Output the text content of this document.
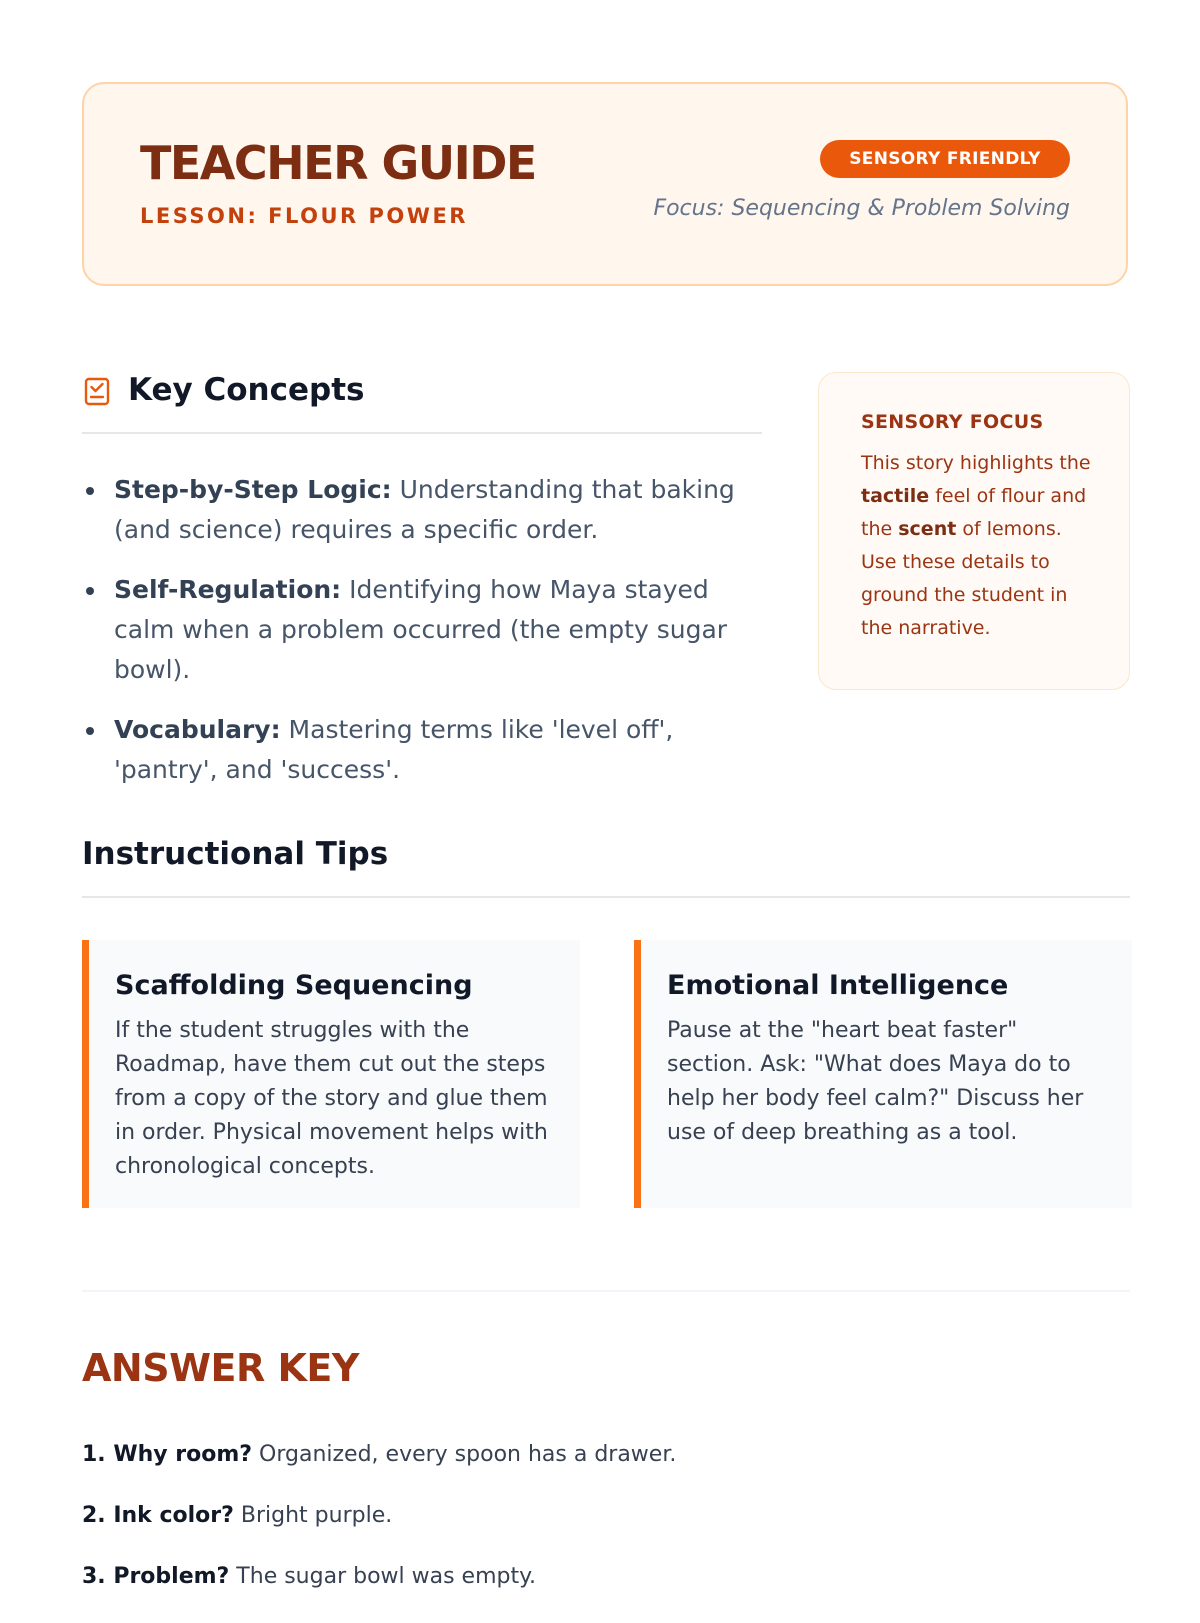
TEACHER GUIDE
LESSON: FLOUR POWER
SENSORY FRIENDLY
Focus: Sequencing & Problem Solving
Key Concepts
Step-by-Step Logic: Understanding that baking (and science) requires a specific order.
Self-Regulation: Identifying how Maya stayed calm when a problem occurred (the empty sugar bowl).
Vocabulary: Mastering terms like 'level off', 'pantry', and 'success'.
SENSORY FOCUS

This story highlights the tactile feel of flour and the scent of lemons. Use these details to ground the student in the narrative.

Instructional Tips
Scaffolding Sequencing

If the student struggles with the Roadmap, have them cut out the steps from a copy of the story and glue them in order. Physical movement helps with chronological concepts.

Emotional Intelligence

Pause at the "heart beat faster" section. Ask: "What does Maya do to help her body feel calm?" Discuss her use of deep breathing as a tool.

ANSWER KEY
1. Why room? Organized, every spoon has a drawer.
2. Ink color? Bright purple.
3. Problem? The sugar bowl was empty.
